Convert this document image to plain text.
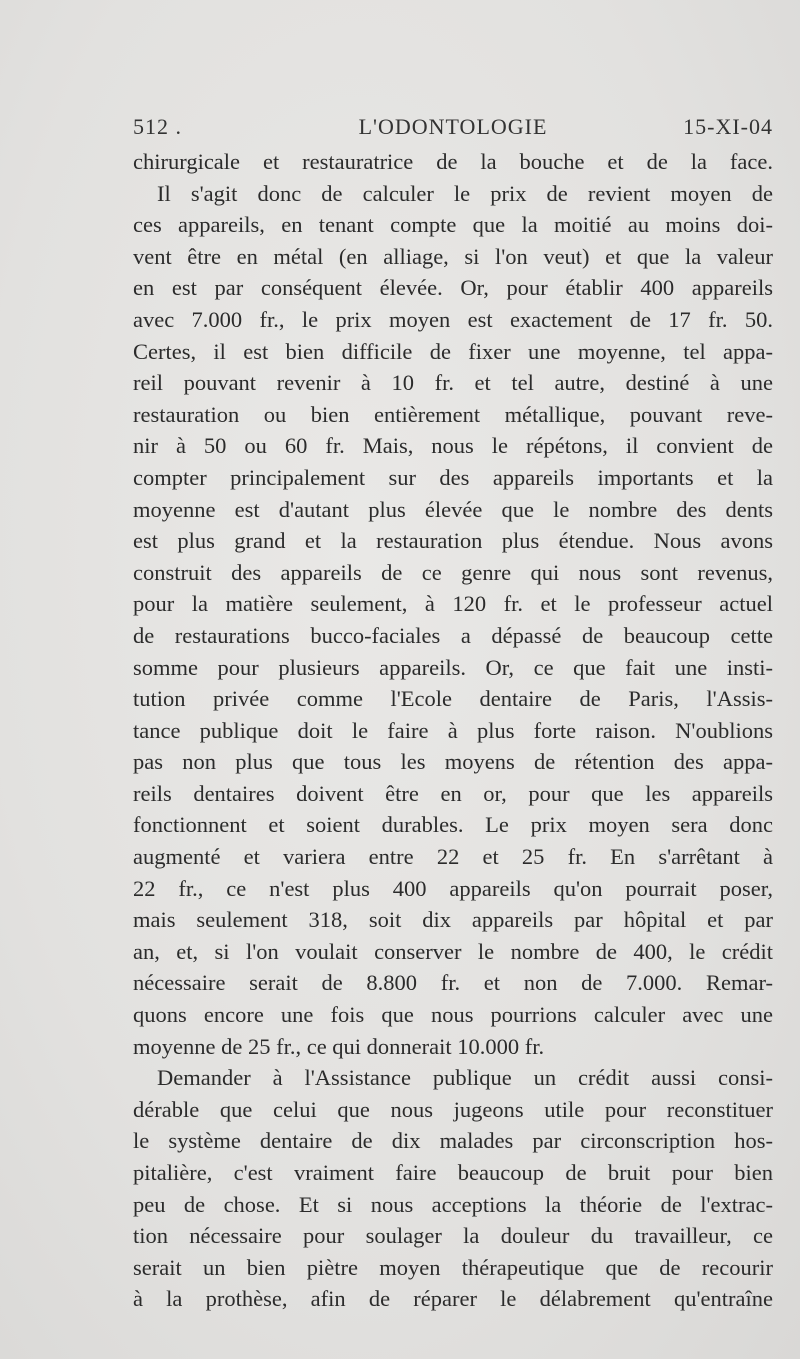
512 .	L'ODONTOLOGIE	15-XI-04
chirurgicale et restauratrice de la bouche et de la face.
Il s'agit donc de calculer le prix de revient moyen de
ces appareils, en tenant compte que la moitié au moins doi-
vent être en métal (en alliage, si l'on veut) et que la valeur
en est par conséquent élevée. Or, pour établir 400 appareils
avec 7.000 fr., le prix moyen est exactement de 17 fr. 50.
Certes, il est bien difficile de fixer une moyenne, tel appa-
reil pouvant revenir à 10 fr. et tel autre, destiné à une
restauration ou bien entièrement métallique, pouvant reve-
nir à 50 ou 60 fr. Mais, nous le répétons, il convient de
compter principalement sur des appareils importants et la
moyenne est d'autant plus élevée que le nombre des dents
est plus grand et la restauration plus étendue. Nous avons
construit des appareils de ce genre qui nous sont revenus,
pour la matière seulement, à 120 fr. et le professeur actuel
de restaurations bucco-faciales a dépassé de beaucoup cette
somme pour plusieurs appareils. Or, ce que fait une insti-
tution privée comme l'Ecole dentaire de Paris, l'Assis-
tance publique doit le faire à plus forte raison. N'oublions
pas non plus que tous les moyens de rétention des appa-
reils dentaires doivent être en or, pour que les appareils
fonctionnent et soient durables. Le prix moyen sera donc
augmenté et variera entre 22 et 25 fr. En s'arrêtant à
22 fr., ce n'est plus 400 appareils qu'on pourrait poser,
mais seulement 318, soit dix appareils par hôpital et par
an, et, si l'on voulait conserver le nombre de 400, le crédit
nécessaire serait de 8.800 fr. et non de 7.000. Remar-
quons encore une fois que nous pourrions calculer avec une
moyenne de 25 fr., ce qui donnerait 10.000 fr.
Demander à l'Assistance publique un crédit aussi consi-
dérable que celui que nous jugeons utile pour reconstituer
le système dentaire de dix malades par circonscription hos-
pitalière, c'est vraiment faire beaucoup de bruit pour bien
peu de chose. Et si nous acceptions la théorie de l'extrac-
tion nécessaire pour soulager la douleur du travailleur, ce
serait un bien piètre moyen thérapeutique que de recourir
à la prothèse, afin de réparer le délabrement qu'entraîne
